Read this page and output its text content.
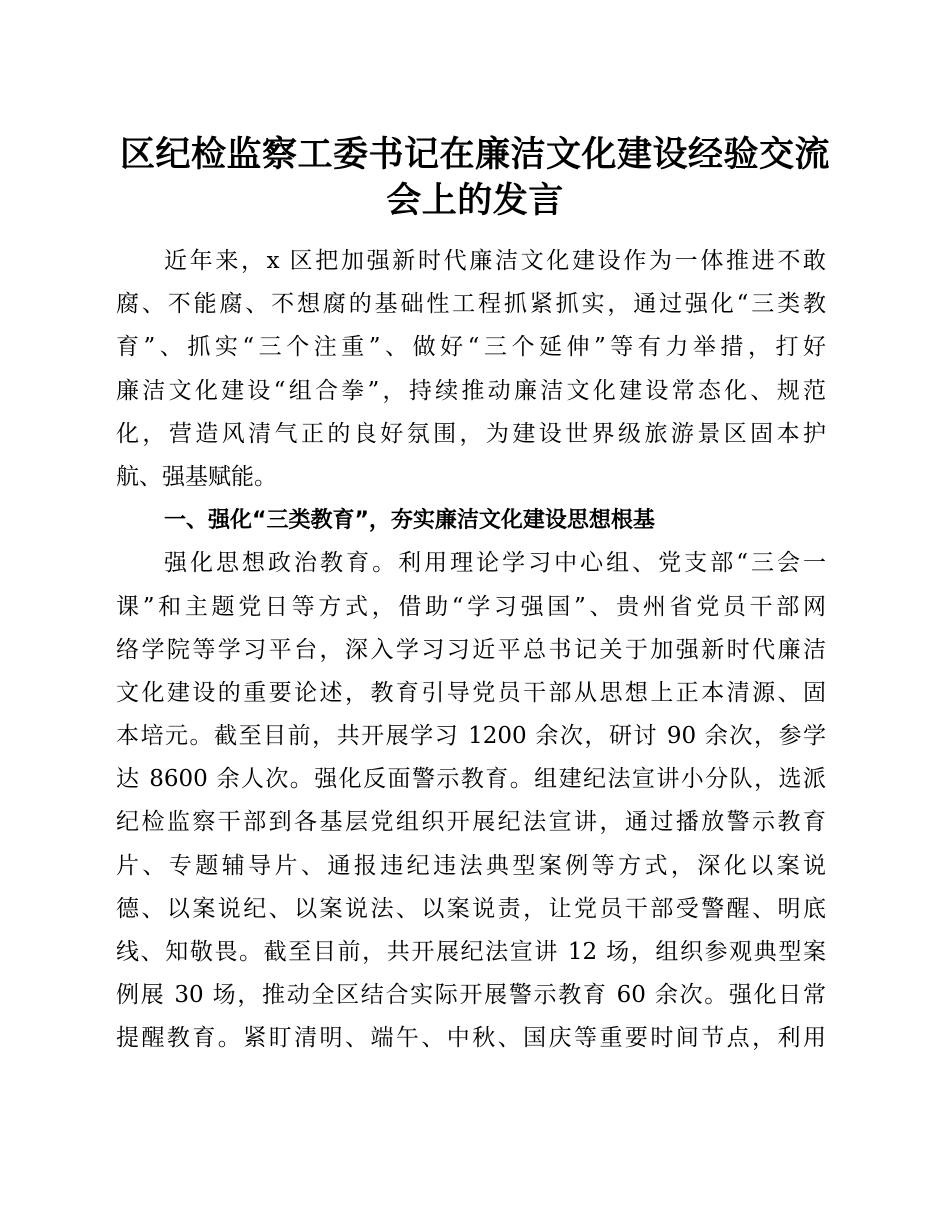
区纪检监察工委书记在廉洁文化建设经验交流
会上的发言
近年来，x 区把加强新时代廉洁文化建设作为一体推进不敢
腐、不能腐、不想腐的基础性工程抓紧抓实，通过强化“三类教
育”、抓实“三个注重”、做好“三个延伸”等有力举措，打好
廉洁文化建设“组合拳”，持续推动廉洁文化建设常态化、规范
化，营造风清气正的良好氛围，为建设世界级旅游景区固本护
航、强基赋能。
一、强化“三类教育”，夯实廉洁文化建设思想根基
强化思想政治教育。利用理论学习中心组、党支部“三会一
课”和主题党日等方式，借助“学习强国”、贵州省党员干部网
络学院等学习平台，深入学习习近平总书记关于加强新时代廉洁
文化建设的重要论述，教育引导党员干部从思想上正本清源、固
本培元。截至目前，共开展学习 1200 余次，研讨 90 余次，参学
达 8600 余人次。强化反面警示教育。组建纪法宣讲小分队，选派
纪检监察干部到各基层党组织开展纪法宣讲，通过播放警示教育
片、专题辅导片、通报违纪违法典型案例等方式，深化以案说
德、以案说纪、以案说法、以案说责，让党员干部受警醒、明底
线、知敬畏。截至目前，共开展纪法宣讲 12 场，组织参观典型案
例展 30 场，推动全区结合实际开展警示教育 60 余次。强化日常
提醒教育。紧盯清明、端午、中秋、国庆等重要时间节点，利用
